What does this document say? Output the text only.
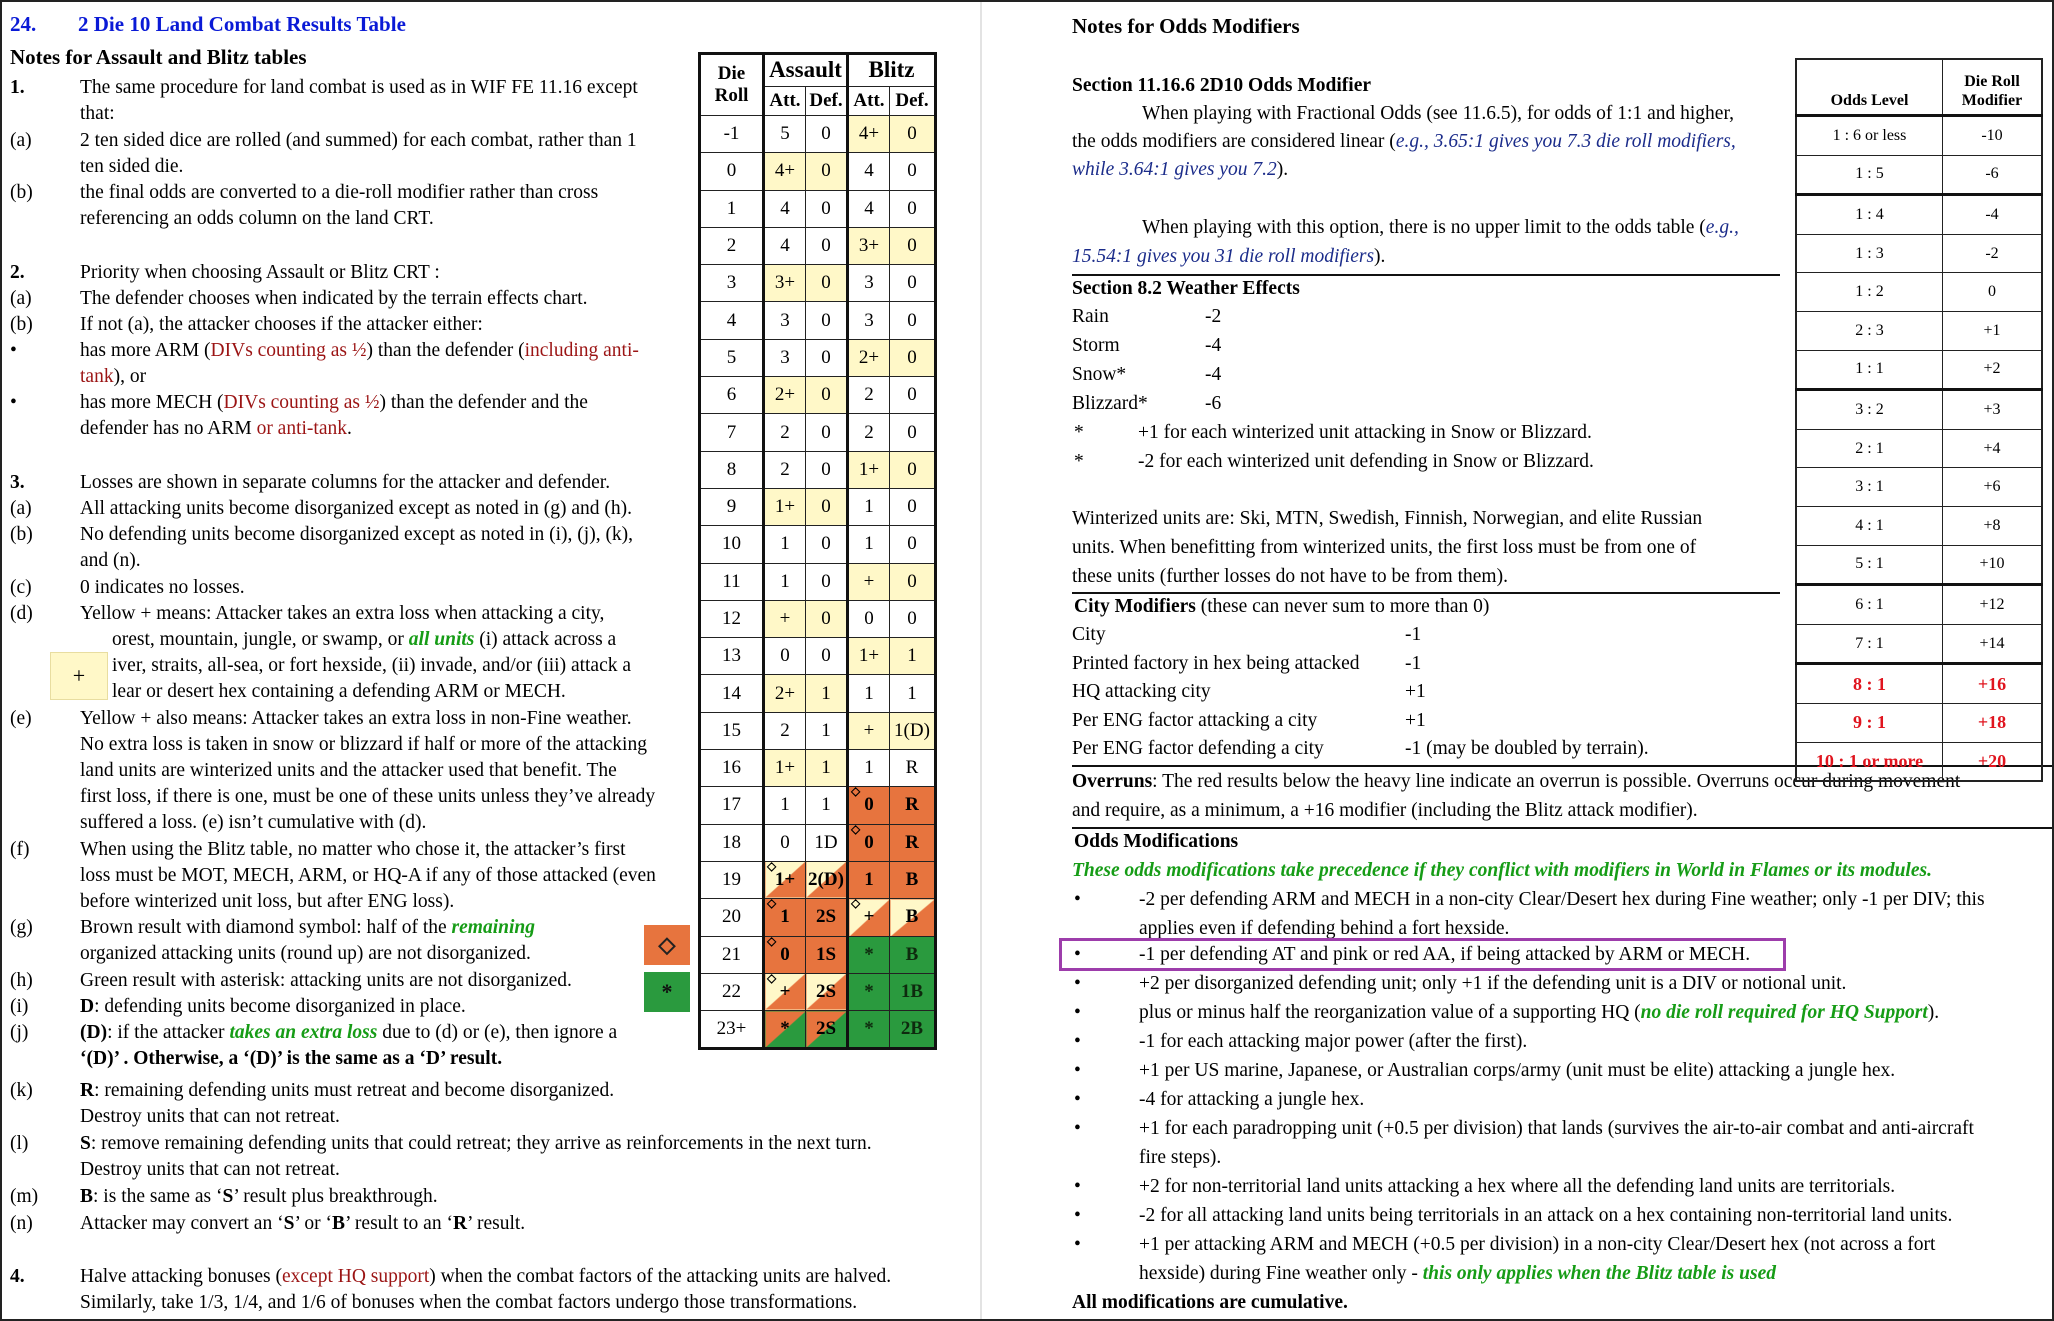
24. 2 Die 10 Land Combat Results Table
Notes for Assault and Blitz tables
1.	The same procedure for land combat is used as in WIF FE 11.16 except
that:
(a) 2 ten sided dice are rolled (and summed) for each combat, rather than 1
ten sided die.
(b) the final odds are converted to a die-roll modifier rather than cross
referencing an odds column on the land CRT.
2.	Priority when choosing Assault or Blitz CRT :
(a) The defender chooses when indicated by the terrain effects chart.
(b) If not (a), the attacker chooses if the attacker either:
•	has more ARM (DIVs counting as ½) than the defender (including anti-
tank), or
•	has more MECH (DIVs counting as ½) than the defender and the
defender has no ARM or anti-tank.
3.	Losses are shown in separate columns for the attacker and defender.
(a) All attacking units become disorganized except as noted in (g) and (h).
(b) No defending units become disorganized except as noted in (i), (j), (k),
and (n).
(c) 0 indicates no losses.
(d) Yellow + means: Attacker takes an extra loss when attacking a city,
orest, mountain, jungle, or swamp, or all units (i) attack across a
iver, straits, all-sea, or fort hexside, (ii) invade, and/or (iii) attack a
lear or desert hex containing a defending ARM or MECH.
+
(e) Yellow + also means: Attacker takes an extra loss in non-Fine weather.
No extra loss is taken in snow or blizzard if half or more of the attacking
land units are winterized units and the attacker used that benefit. The
first loss, if there is one, must be one of these units unless they’ve already
suffered a loss. (e) isn’t cumulative with (d).
(f)	When using the Blitz table, no matter who chose it, the attacker’s first
loss must be MOT, MECH, ARM, or HQ-A if any of those attacked (even
before winterized unit loss, but after ENG loss).
(g) Brown result with diamond symbol: half of the remaining
organized attacking units (round up) are not disorganized.	◇
*
(h) Green result with asterisk: attacking units are not disorganized.
(i)	D: defending units become disorganized in place.
(j)	(D): if the attacker takes an extra loss due to (d) or (e), then ignore a
‘(D)’ . Otherwise, a ‘(D)’ is the same as a ‘D’ result.
(k) R: remaining defending units must retreat and become disorganized.
Destroy units that can not retreat.
(l)	S: remove remaining defending units that could retreat; they arrive as reinforcements in the next turn.
Destroy units that can not retreat.
(m) B: is the same as ‘S’ result plus breakthrough.
(n) Attacker may convert an ‘S’ or ‘B’ result to an ‘R’ result.
4.	Halve attacking bonuses (except HQ support) when the combat factors of the attacking units are halved.
Similarly, take 1/3, 1/4, and 1/6 of bonuses when the combat factors undergo those transformations.
Die
Roll	Assault		Blitz	
	Att.	Def.	Att.	Def.
-1	5	0	4+	0
0	4+	0	4	0
1	4	0	4	0
2	4	0	3+	0
3	3+	0	3	0
4	3	0	3	0
5	3	0	2+	0
6	2+	0	2	0
7	2	0	2	0
8	2	0	1+	0
9	1+	0	1	0
10	1	0	1	0
11	1	0	+	0
12	+	0	0	0
13	0	0	1+	1
14	2+	1	1	1
15	2	1	+	1(D)
16	1+	1	1	R
17	1	1	◇ 0	R
18	0	1D	◇ 0	R
19	◇ 1+	2(D)	1	B
20	◇ 1	2S	◇ +	B
21	◇ 0	1S	*	B
22	◇ +	2S	*	1B
23+	*	2S	*	2B
Notes for Odds Modifiers
Section 11.16.6 2D10 Odds Modifier
When playing with Fractional Odds (see 11.6.5), for odds of 1:1 and higher,
the odds modifiers are considered linear (e.g., 3.65:1 gives you 7.3 die roll modifiers,
while 3.64:1 gives you 7.2).
When playing with this option, there is no upper limit to the odds table (e.g.,
15.54:1 gives you 31 die roll modifiers).
Section 8.2 Weather Effects
Rain	-2
Storm	-4
Snow*	-4
Blizzard*	-6
*	+1 for each winterized unit attacking in Snow or Blizzard.
*	-2 for each winterized unit defending in Snow or Blizzard.
Winterized units are: Ski, MTN, Swedish, Finnish, Norwegian, and elite Russian
units. When benefitting from winterized units, the first loss must be from one of
these units (further losses do not have to be from them).
City Modifiers (these can never sum to more than 0)
City	-1
Printed factory in hex being attacked -1
HQ attacking city	+1
Per ENG factor attacking a city	+1
Per ENG factor defending a city	-1 (may be doubled by terrain).
Overruns: The red results below the heavy line indicate an overrun is possible. Overruns occur during movement
and require, as a minimum, a +16 modifier (including the Blitz attack modifier).
Odds Modifications
These odds modifications take precedence if they conflict with modifiers in World in Flames or its modules.
•	-2 per defending ARM and MECH in a non-city Clear/Desert hex during Fine weather; only -1 per DIV; this
applies even if defending behind a fort hexside.
•	-1 per defending AT and pink or red AA, if being attacked by ARM or MECH.
•	+2 per disorganized defending unit; only +1 if the defending unit is a DIV or notional unit.
•	plus or minus half the reorganization value of a supporting HQ (no die roll required for HQ Support).
•	-1 for each attacking major power (after the first).
•	+1 per US marine, Japanese, or Australian corps/army (unit must be elite) attacking a jungle hex.
•	-4 for attacking a jungle hex.
•	+1 for each paradropping unit (+0.5 per division) that lands (survives the air-to-air combat and anti-aircraft
fire steps).
•	+2 for non-territorial land units attacking a hex where all the defending land units are territorials.
•	-2 for all attacking land units being territorials in an attack on a hex containing non-territorial land units.
•	+1 per attacking ARM and MECH (+0.5 per division) in a non-city Clear/Desert hex (not across a fort
hexside) during Fine weather only - this only applies when the Blitz table is used
All modifications are cumulative.
Odds Level	Die Roll
Modifier
1 : 6 or less	-10
1 : 5	-6
1 : 4	-4
1 : 3	-2
1 : 2	0
2 : 3	+1
1 : 1	+2
3 : 2	+3
2 : 1	+4
3 : 1	+6
4 : 1	+8
5 : 1	+10
6 : 1	+12
7 : 1	+14
8 : 1	+16
9 : 1	+18
10 : 1 or more	+20
